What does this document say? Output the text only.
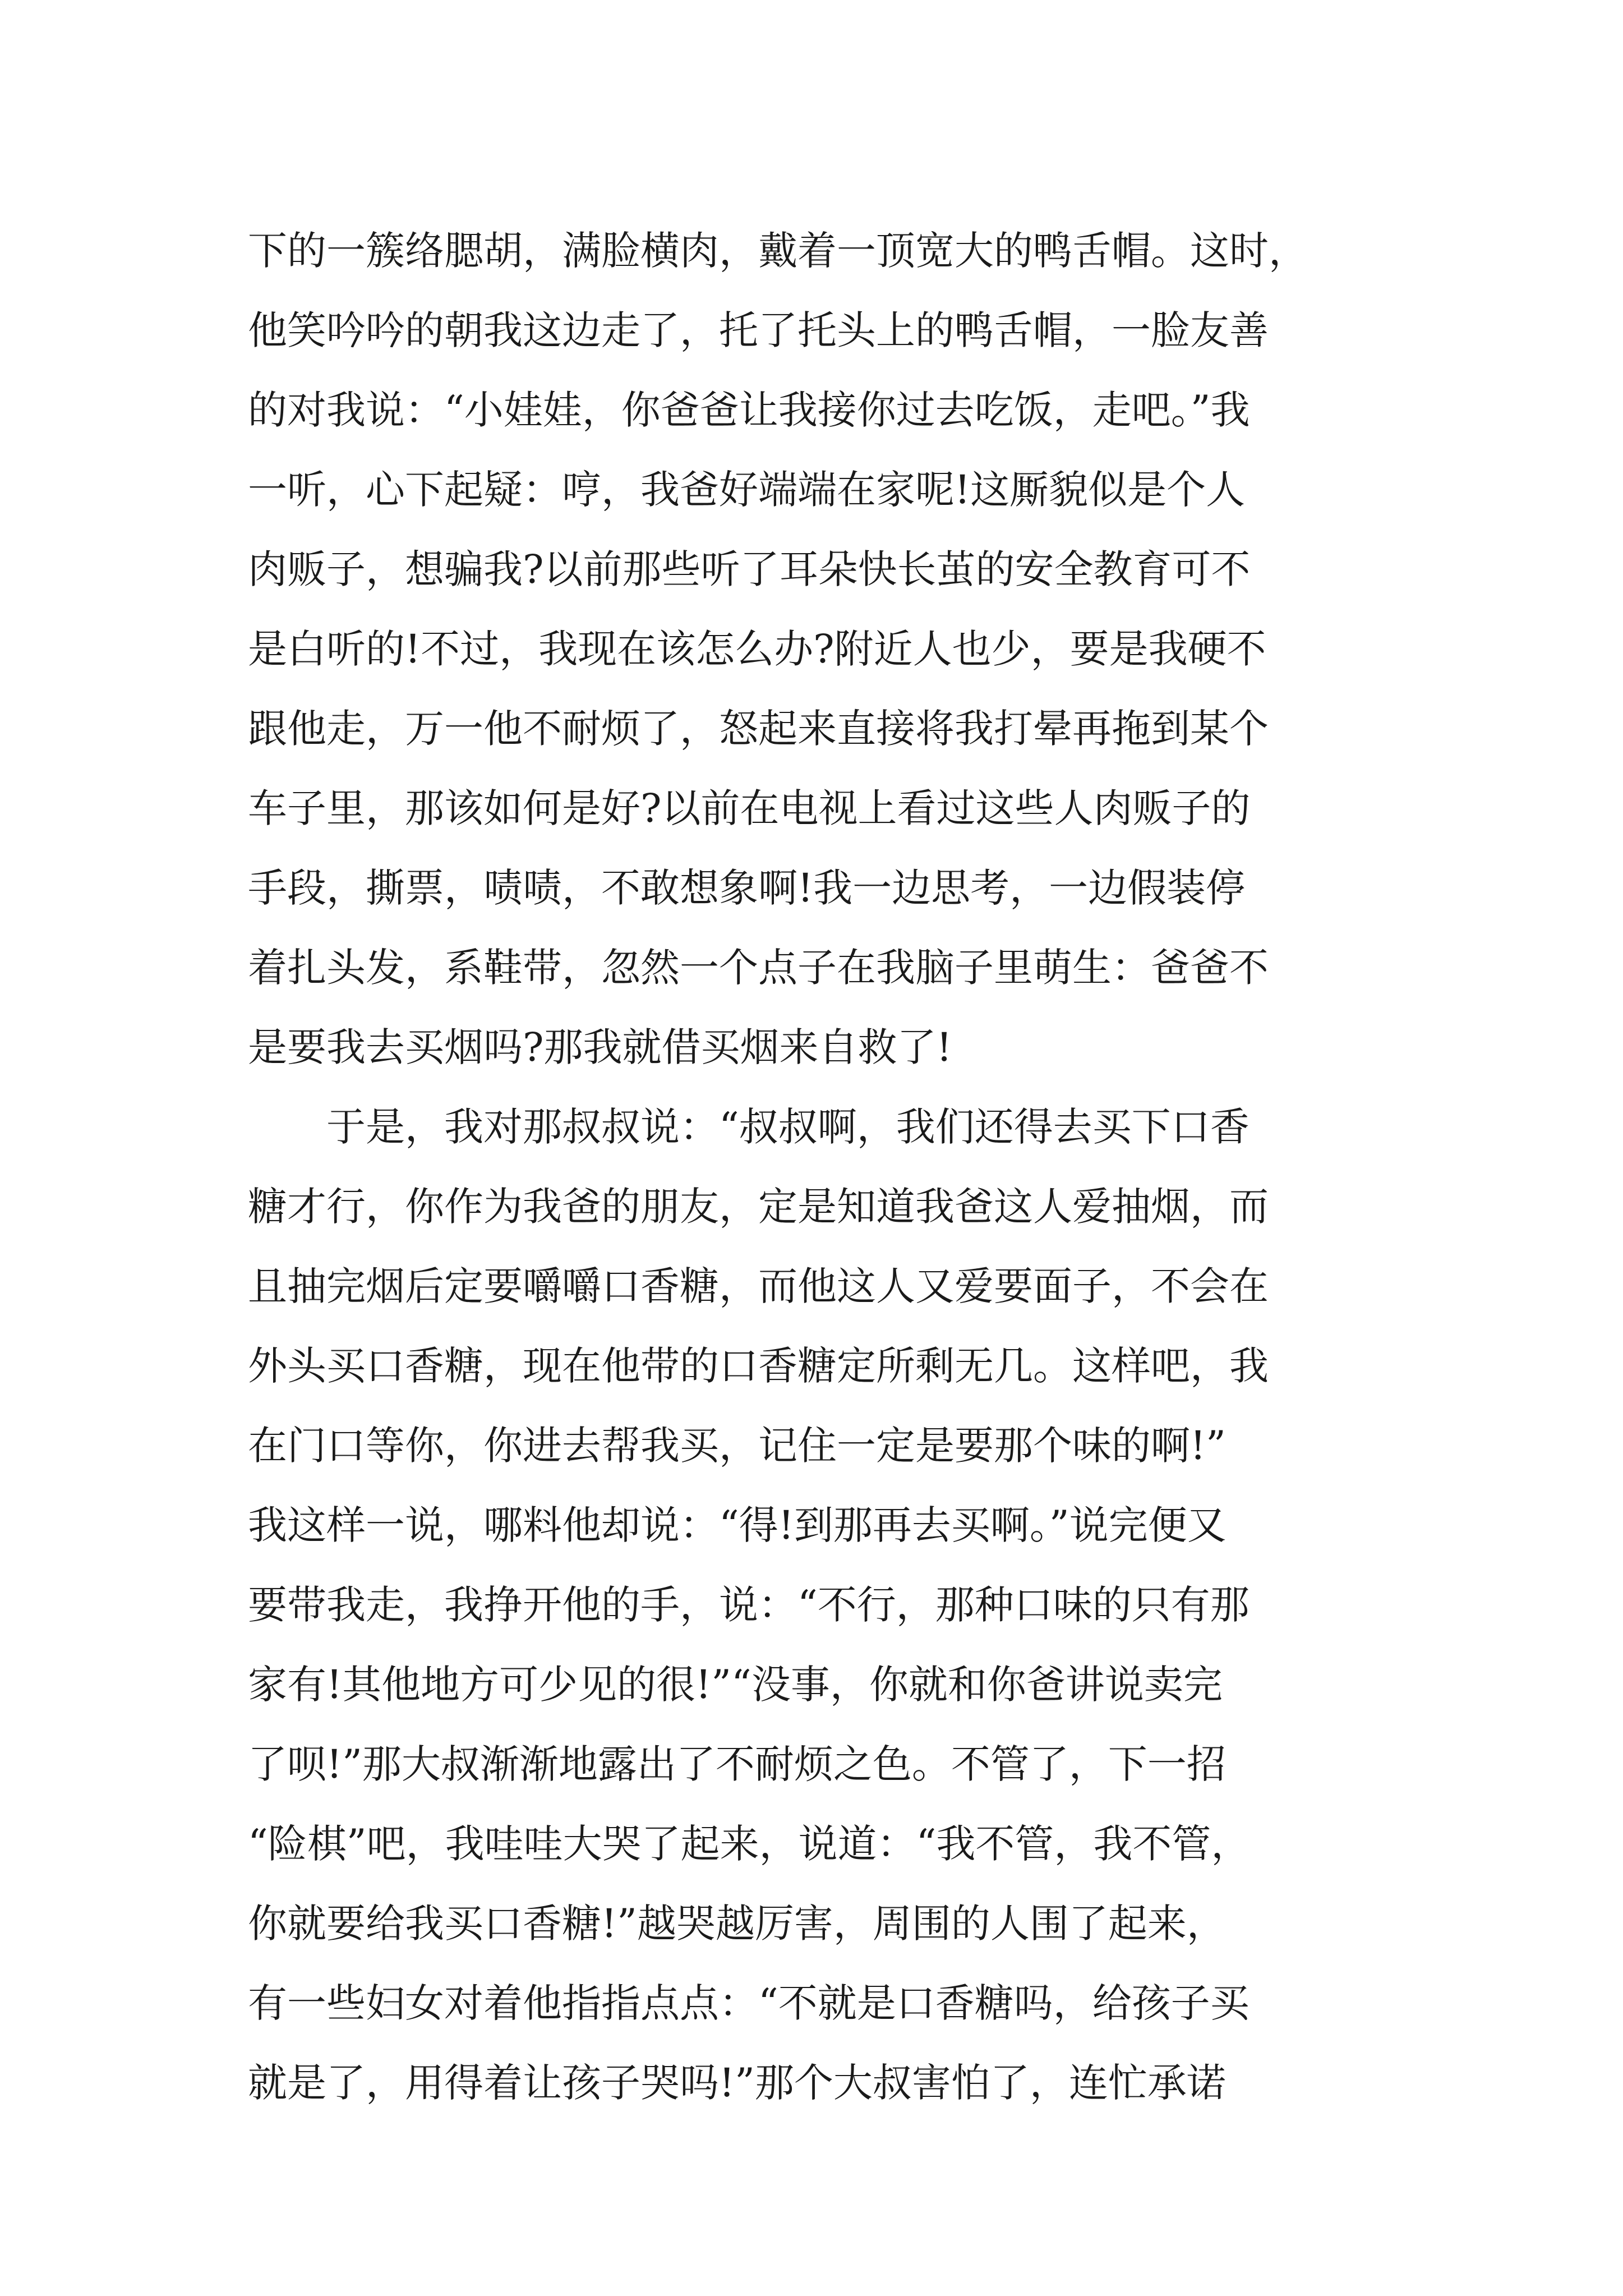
下的一簇络腮胡，满脸横肉，戴着一顶宽大的鸭舌帽。这时，
他笑吟吟的朝我这边走了，托了托头上的鸭舌帽，一脸友善
的对我说：“小娃娃，你爸爸让我接你过去吃饭，走吧。”我
一听，心下起疑：哼，我爸好端端在家呢!这厮貌似是个人
肉贩子，想骗我?以前那些听了耳朵快长茧的安全教育可不
是白听的!不过，我现在该怎么办?附近人也少，要是我硬不
跟他走，万一他不耐烦了，怒起来直接将我打晕再拖到某个
车子里，那该如何是好?以前在电视上看过这些人肉贩子的
手段，撕票，啧啧，不敢想象啊!我一边思考，一边假装停
着扎头发，系鞋带，忽然一个点子在我脑子里萌生：爸爸不
是要我去买烟吗?那我就借买烟来自救了!
　　于是，我对那叔叔说：“叔叔啊，我们还得去买下口香
糖才行，你作为我爸的朋友，定是知道我爸这人爱抽烟，而
且抽完烟后定要嚼嚼口香糖，而他这人又爱要面子，不会在
外头买口香糖，现在他带的口香糖定所剩无几。这样吧，我
在门口等你，你进去帮我买，记住一定是要那个味的啊!”
我这样一说，哪料他却说：“得!到那再去买啊。”说完便又
要带我走，我挣开他的手，说：“不行，那种口味的只有那
家有!其他地方可少见的很!”“没事，你就和你爸讲说卖完
了呗!”那大叔渐渐地露出了不耐烦之色。不管了，下一招
“险棋”吧，我哇哇大哭了起来，说道：“我不管，我不管，
你就要给我买口香糖!”越哭越厉害，周围的人围了起来，
有一些妇女对着他指指点点：“不就是口香糖吗，给孩子买
就是了，用得着让孩子哭吗!”那个大叔害怕了，连忙承诺
